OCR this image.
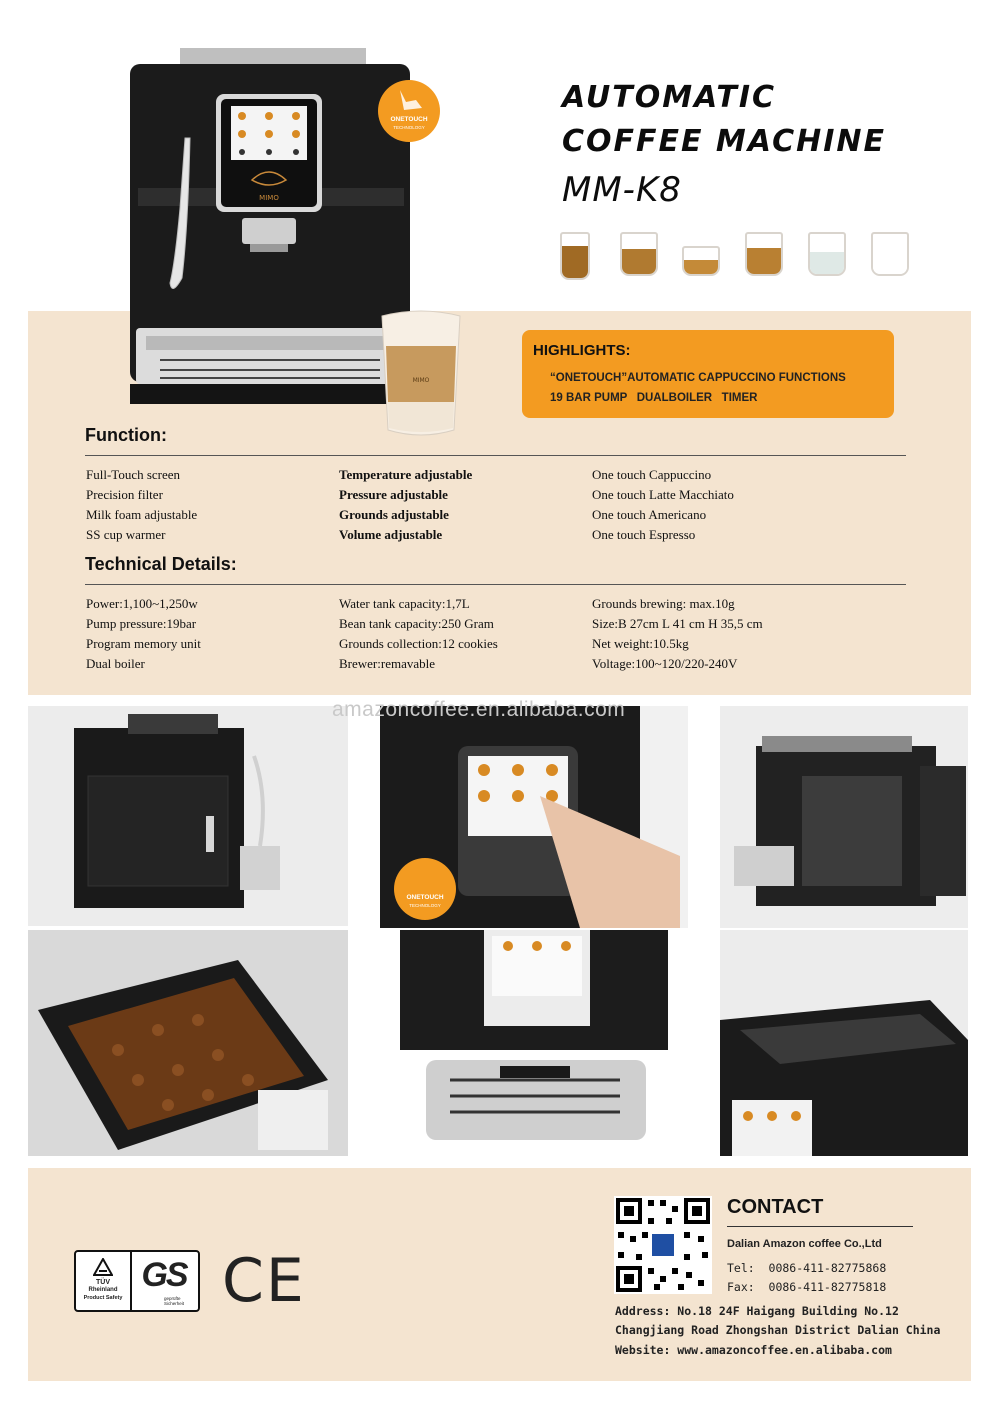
MIMO
MIMO
ONETOUCH
TECHNOLOGY
AUTOMATIC
COFFEE MACHINE
MM-K8
HIGHLIGHTS:
“ONETOUCH”AUTOMATIC CAPPUCCINO FUNCTIONS
19 BAR PUMP   DUALBOILER   TIMER
Function:
Full-Touch screen
Precision filter
Milk foam adjustable
SS cup warmer
Temperature adjustable
Pressure adjustable
Grounds adjustable
Volume adjustable
One touch Cappuccino
One touch Latte Macchiato
One touch Americano
One touch Espresso
Technical Details:
Power:1,100~1,250w
Pump pressure:19bar
Program memory unit
Dual boiler
Water tank capacity:1,7L
Bean tank capacity:250 Gram
Grounds collection:12 cookies
Brewer:remavable
Grounds brewing: max.10g
Size:B 27cm L 41 cm H 35,5 cm
Net weight:10.5kg
Voltage:100~120/220-240V
ONETOUCH
TECHNOLOGY
amazoncoffee.en.alibaba.com
TÜV
Rheinland
Product Safety
GS
geprüfte Sicherheit CE
CONTACT
Dalian Amazon coffee Co.,Ltd
Tel:  0086-411-82775868
Fax:  0086-411-82775818
Address: No.18 24F Haigang Building No.12
Changjiang Road Zhongshan District Dalian China
Website: www.amazoncoffee.en.alibaba.com
